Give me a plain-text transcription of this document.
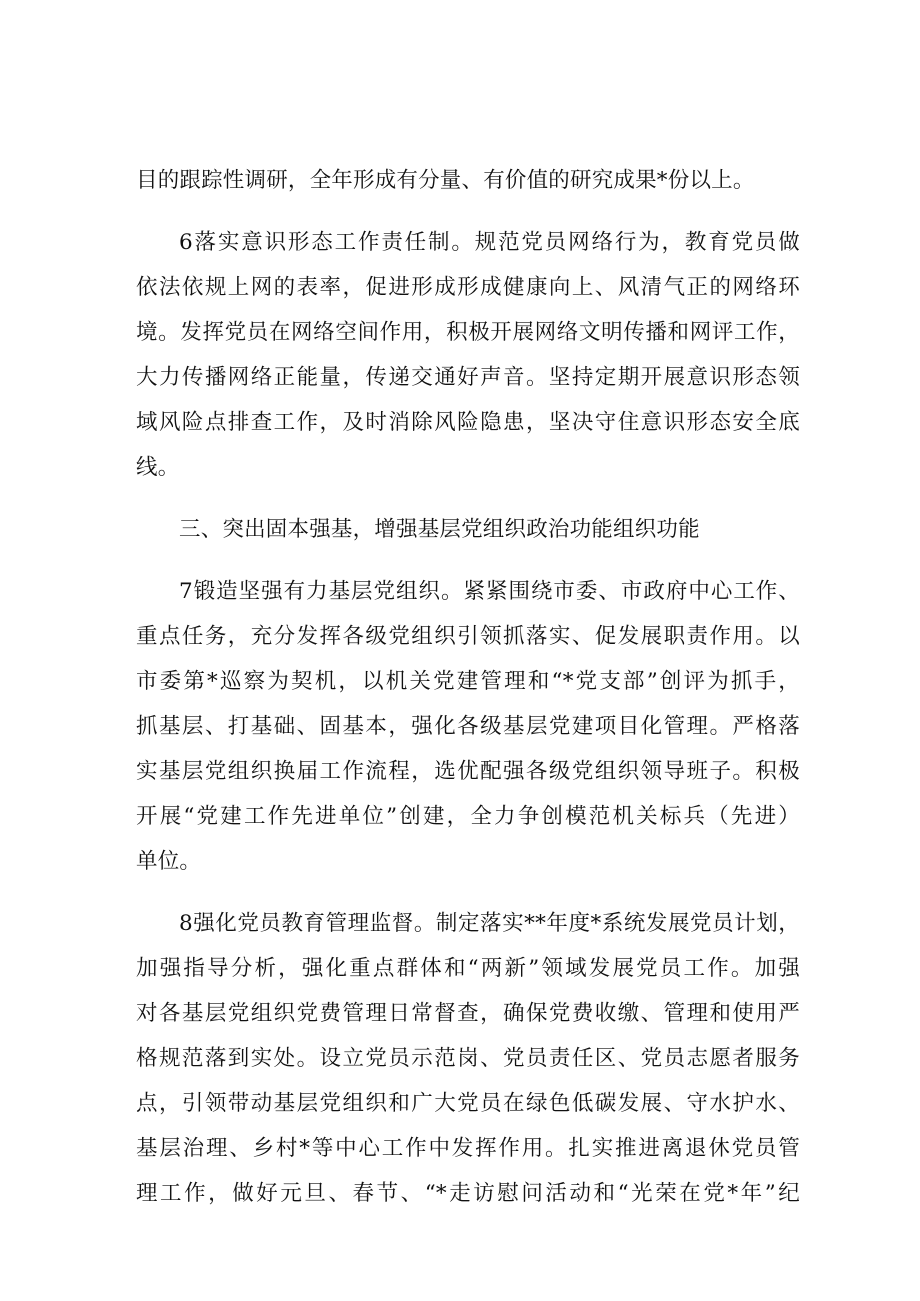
目的跟踪性调研，全年形成有分量、有价值的研究成果*份以上。

6落实意识形态工作责任制。规范党员网络行为，教育党员做
依法依规上网的表率，促进形成形成健康向上、风清气正的网络环
境。发挥党员在网络空间作用，积极开展网络文明传播和网评工作，
大力传播网络正能量，传递交通好声音。坚持定期开展意识形态领
域风险点排查工作，及时消除风险隐患，坚决守住意识形态安全底
线。

三、突出固本强基，增强基层党组织政治功能组织功能

7锻造坚强有力基层党组织。紧紧围绕市委、市政府中心工作、
重点任务，充分发挥各级党组织引领抓落实、促发展职责作用。以
市委第*巡察为契机，以机关党建管理和“*党支部”创评为抓手，
抓基层、打基础、固基本，强化各级基层党建项目化管理。严格落
实基层党组织换届工作流程，选优配强各级党组织领导班子。积极
开展“党建工作先进单位”创建，全力争创模范机关标兵（先进）
单位。

8强化党员教育管理监督。制定落实**年度*系统发展党员计划，
加强指导分析，强化重点群体和“两新”领域发展党员工作。加强
对各基层党组织党费管理日常督查，确保党费收缴、管理和使用严
格规范落到实处。设立党员示范岗、党员责任区、党员志愿者服务
点，引领带动基层党组织和广大党员在绿色低碳发展、守水护水、
基层治理、乡村*等中心工作中发挥作用。扎实推进离退休党员管
理工作，做好元旦、春节、“*走访慰问活动和“光荣在党*年”纪
